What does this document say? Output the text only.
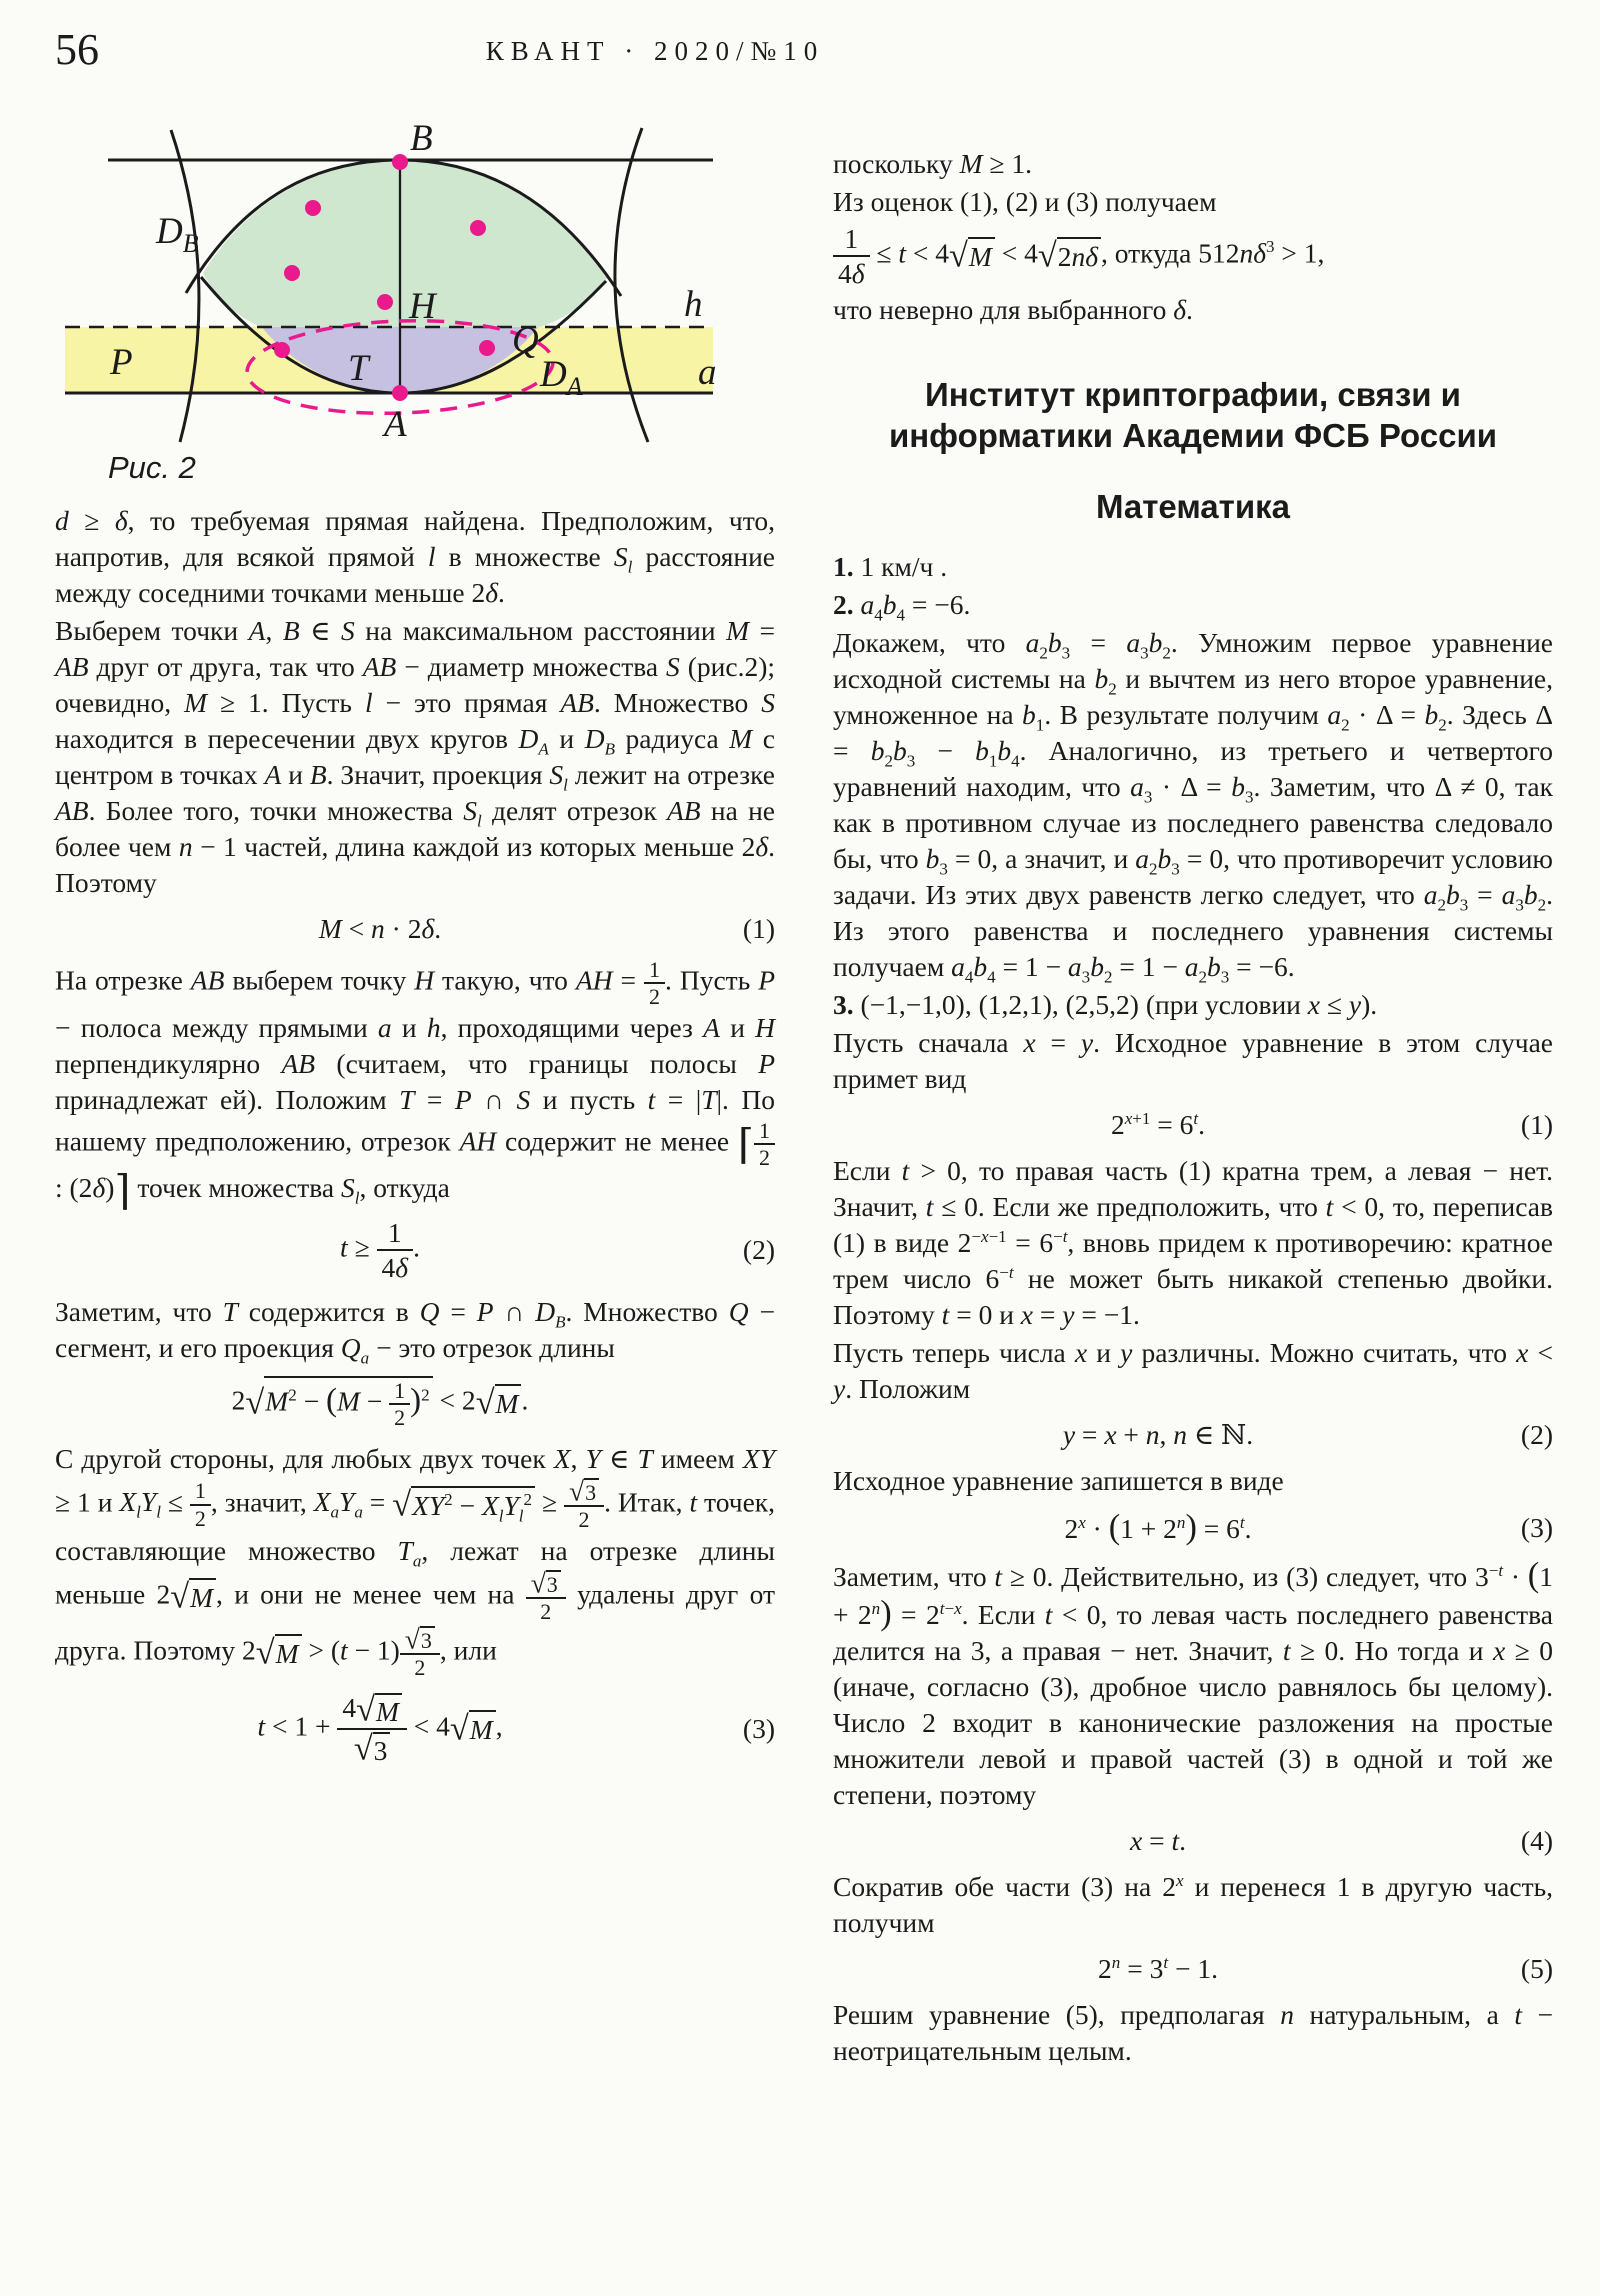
56	КВАНТ · 2020/№10
B
$D_B$
H	h
P
Q
T
A
$D_A$	a
Рис. 2

d ≥ δ, то требуемая прямая найдена. Предположим, что, напротив, для всякой прямой l в множестве $S_l$ расстояние между соседними точками меньше 2δ.

Выберем точки A, B ∈ S на максимальном расстоянии M = AB друг от друга, так что AB − диаметр множества S (рис.2); очевидно, M ≥ 1. Пусть l − это прямая AB. Множество S находится в пересечении двух кругов $D_A$ и $D_B$ радиуса M с центром в точках A и B. Значит, проекция $S_l$ лежит на отрезке AB. Более того, точки множества $S_l$ делят отрезок AB на не более чем n − 1 частей, длина каждой из которых меньше 2δ. Поэтому

M < n · 2δ.	(1)

На отрезке AB выберем точку H такую, что AH = $\frac{1}{2}$ . Пусть P − полоса между прямыми a и h, проходящими через A и H перпендикулярно AB (считаем, что границы полосы P принадлежат ей). Положим T = P ∩ S и пусть t = |T|. По нашему предположению, отрезок AH содержит не менее ⌈ $\frac{1}{2}$
: (2δ)⌉ точек множества $S_l$, откуда

$t \ge \frac{1}{4\delta}$ .	(2)

Заметим, что T содержится в Q = P ∩ $D_B$. Множество Q − сегмент, и его проекция $Q_a$ − это отрезок длины

2 √ $M^2 - (M - \frac{1}{2} )^2 < 2$ √ M .

С другой стороны, для любых двух точек X, Y ∈ T имеем XY ≥ 1 и $X_lY_l \le \frac{1}{2}$ , значит, $X_aY_a$ = √ $XY^2 - X_lY_l^2 \ge \frac{√ 3}{2}$ . Итак, t точек, составляющие множество $T_a$, лежат на отрезке длины меньше 2 √ M , и они не менее чем на $\frac{√ 3}{2}$ удалены друг от друга. Поэтому 2 √ $M > (t - 1) \frac{√ 3}{2}$ , или

$t < 1 + \frac{4 √ M}{√ 3} < 4$ √ M ,	(3)

поскольку M ≥ 1.

Из оценок (1), (2) и (3) получаем

$\frac{1}{4\delta} \le t < 4$ √ M < 4 √ 2nδ , откуда $512n\delta^3 > 1$,

что неверно для выбранного δ.

Институт криптографии, связи и информатики Академии ФСБ России
Математика

1. 1 км/ч .

2. $a_4b_4 = -6$.

Докажем, что $a_2b_3 = a_3b_2$. Умножим первое уравнение исходной системы на $b_2$ и вычтем из него второе уравнение, умноженное на $b_1$. В результате получим $a_2 \cdot \Delta = b_2$. Здесь $\Delta = b_2b_3 - b_1b_4$. Аналогично, из третьего и четвертого уравнений находим, что $a_3 \cdot \Delta = b_3$. Заметим, что Δ ≠ 0, так как в противном случае из последнего равенства следовало бы, что $b_3 = 0$, а значит, и $a_2b_3 = 0$, что противоречит условию задачи. Из этих двух равенств легко следует, что $a_2b_3 = a_3b_2$. Из этого равенства и последнего уравнения системы получаем $a_4b_4 = 1 - a_3b_2 = 1 - a_2b_3 = -6$.

3. (−1,−1,0), (1,2,1), (2,5,2) (при условии x ≤ y).

Пусть сначала x = y. Исходное уравнение в этом случае примет вид

$2^{x+1} = 6^t$.	(1)

Если t > 0, то правая часть (1) кратна трем, а левая − нет. Значит, t ≤ 0. Если же предположить, что t < 0, то, переписав (1) в виде $2^{-x-1} = 6^{-t}$, вновь придем к противоречию: кратное трем число $6^{-t}$ не может быть никакой степенью двойки. Поэтому t = 0 и x = y = −1.

Пусть теперь числа x и y различны. Можно считать, что x < y. Положим

y = x + n, n ∈ ℕ.	(2)

Исходное уравнение запишется в виде

$2^x \cdot (1 + 2^n) = 6^t$.	(3)

Заметим, что t ≥ 0. Действительно, из (3) следует, что $3^{-t} \cdot (1 + 2^n) = 2^{t-x}$. Если t < 0, то левая часть последнего равенства делится на 3, а правая − нет. Значит, t ≥ 0. Но тогда и x ≥ 0 (иначе, согласно (3), дробное число равнялось бы целому). Число 2 входит в канонические разложения на простые множители левой и правой частей (3) в одной и той же степени, поэтому

x = t.	(4)

Сократив обе части (3) на 2$^x$ и перенеся 1 в другую часть, получим

$2^n = 3^t - 1$.	(5)

Решим уравнение (5), предполагая n натуральным, а t − неотрицательным целым.
